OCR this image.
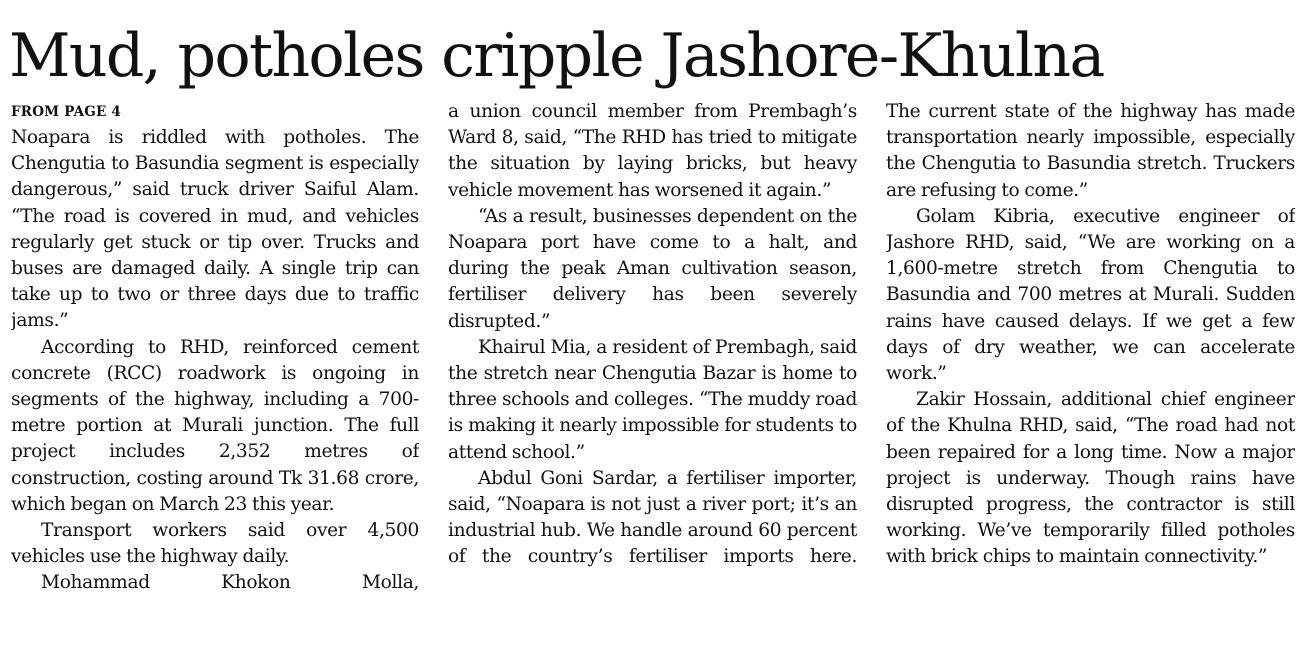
Mud, potholes cripple Jashore-Khulna
FROM PAGE 4

Noapara is riddled with potholes. The Chengutia to Basundia segment is especially dangerous,” said truck driver Saiful Alam. “The road is covered in mud, and vehicles regularly get stuck or tip over. Trucks and buses are damaged daily. A single trip can take up to two or three days due to traffic jams.”

According to RHD, reinforced cement concrete (RCC) roadwork is ongoing in segments of the highway, including a 700-metre portion at Murali junction. The full project includes 2,352 metres of construction, costing around Tk 31.68 crore, which began on March 23 this year.

Transport workers said over 4,500 vehicles use the highway daily.

Mohammad Khokon Molla,

a union council member from Prembagh’s Ward 8, said, “The RHD has tried to mitigate the situation by laying bricks, but heavy vehicle movement has worsened it again.”

“As a result, businesses dependent on the Noapara port have come to a halt, and during the peak Aman cultivation season, fertiliser delivery has been severely disrupted.”

Khairul Mia, a resident of Prembagh, said the stretch near Chengutia Bazar is home to three schools and colleges. “The muddy road is making it nearly impossible for students to attend school.”

Abdul Goni Sardar, a fertiliser importer, said, “Noapara is not just a river port; it’s an industrial hub. We handle around 60 percent of the country’s fertiliser imports here.

The current state of the highway has made transportation nearly impossible, especially the Chengutia to Basundia stretch. Truckers are refusing to come.”

Golam Kibria, executive engineer of Jashore RHD, said, “We are working on a 1,600-metre stretch from Chengutia to Basundia and 700 metres at Murali. Sudden rains have caused delays. If we get a few days of dry weather, we can accelerate work.”

Zakir Hossain, additional chief engineer of the Khulna RHD, said, “The road had not been repaired for a long time. Now a major project is underway. Though rains have disrupted progress, the contractor is still working. We’ve temporarily filled potholes with brick chips to maintain connectivity.”
